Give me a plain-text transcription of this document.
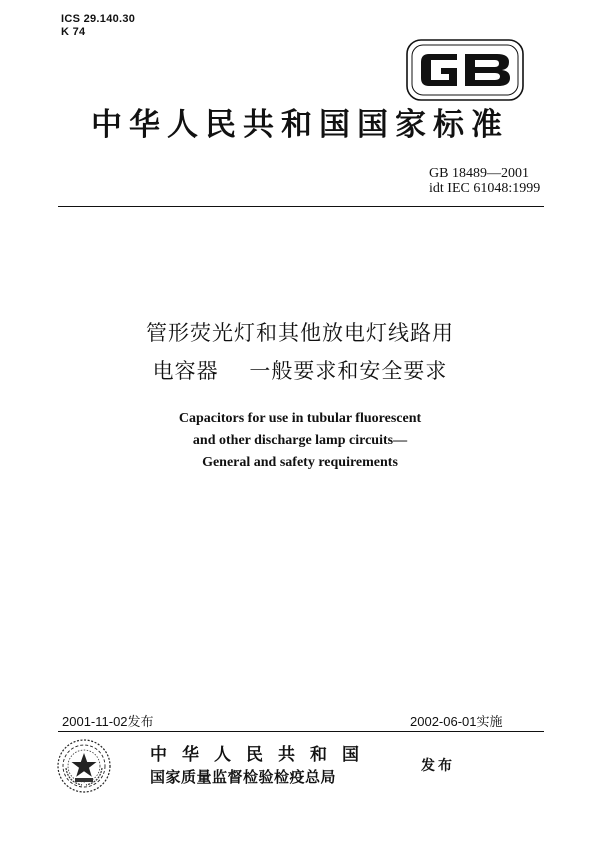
ICS 29.140.30
K 74
中华人民共和国国家标准
GB 18489—2001
idt IEC 61048:1999
管形荧光灯和其他放电灯线路用
电容器    一般要求和安全要求
Capacitors for use in tubular fluorescent
and other discharge lamp circuits—
General and safety requirements
2001-11-02发布	2002-06-01实施
中华人民共和国
国家质量监督检验检疫总局
发布
